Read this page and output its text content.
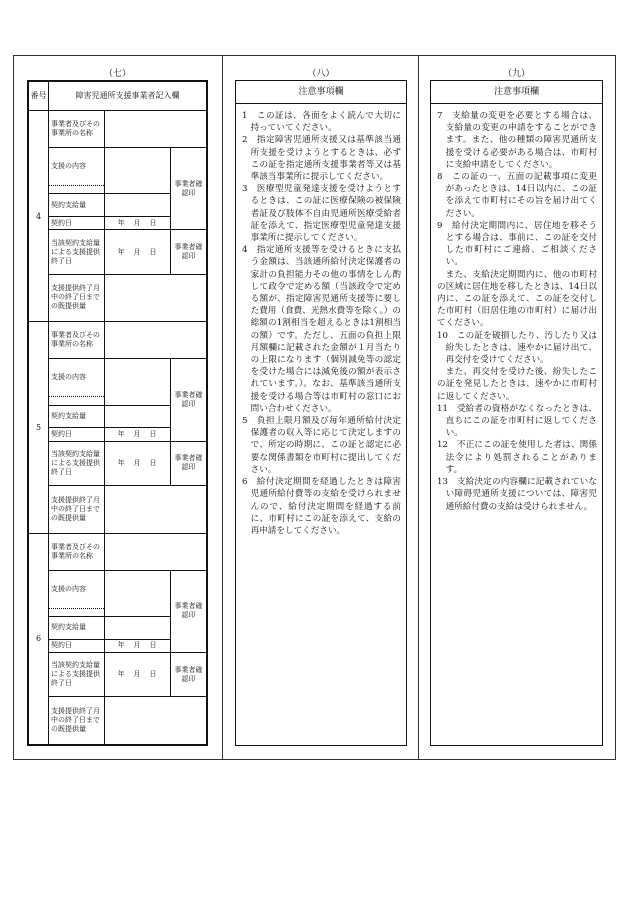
（七）
番号	障害児通所支援事業者記入欄		
4	事業者及びその事業所の名称		
	支援の内容		事業者確認印

	契約支給量		
	契約日	年　月　日	
	当該契約支給量による支援提供終了日	年　月　日	事業者確認印
	支援提供終了月中の終了日までの既提供量		
5	事業者及びその事業所の名称		
	支援の内容		事業者確認印

	契約支給量		
	契約日	年　月　日	
	当該契約支給量による支援提供終了日	年　月　日	事業者確認印
	支援提供終了月中の終了日までの既提供量		
6	事業者及びその事業所の名称		
	支援の内容		事業者確認印

	契約支給量		
	契約日	年　月　日	
	当該契約支給量による支援提供終了日	年　月　日	事業者確認印
	支援提供終了月中の終了日までの既提供量		
（八）
注意事項欄

1　この証は、各面をよく読んで大切に持っていてください。

2　指定障害児通所支援又は基準該当通所支援を受けようとするときは、必ずこの証を指定通所支援事業者等又は基準該当事業所に提示してください。

3　医療型児童発達支援を受けようとするときは、この証に医療保険の被保険者証及び肢体不自由児通所医療受給者証を添えて、指定医療型児童発達支援事業所に提示してください。

4　指定通所支援等を受けるときに支払う金額は、当該通所給付決定保護者の家計の負担能力その他の事情をしん酌して政令で定める額（当該政令で定める額が、指定障害児通所支援等に要した費用（食費、光熱水費等を除く。）の総額の1割相当を超えるときは1割相当の額）です。ただし、五面の負担上限月額欄に記載された金額が１月当たりの上限になります（個別減免等の認定を受けた場合には減免後の額が表示されています。）。なお、基準該当通所支援を受ける場合等は市町村の窓口にお問い合わせください。

5　負担上限月額及び毎年通所給付決定保護者の収入等に応じて決定しますので、所定の時期に、この証と認定に必要な関係書類を市町村に提出してください。

6　給付決定期間を経過したときは障害児通所給付費等の支給を受けられませんので、給付決定期間を経過する前に、市町村にこの証を添えて、支給の再申請をしてください。

（九）
注意事項欄

7　支給量の変更を必要とする場合は、支給量の変更の申請をすることができます。また、他の種類の障害児通所支援を受ける必要がある場合は、市町村に支給申請をしてください。

8　この証の一、五面の記載事項に変更があったときは、14日以内に、この証を添えて市町村にその旨を届け出てください。

9　給付決定期間内に、居住地を移そうとする場合は、事前に、この証を交付した市町村にご連絡、ご相談ください。

また、支給決定期間内に、他の市町村の区域に居住地を移したときは、14日以内に、この証を添えて、この証を交付した市町村（旧居住地の市町村）に届け出てください。

10　この証を破損したり、汚したり又は紛失したときは、速やかに届け出て、再交付を受けてください。

また、再交付を受けた後、紛失したこの証を発見したときは、速やかに市町村に返してください。

11　受給者の資格がなくなったときは、直ちにこの証を市町村に返してください。

12　不正にこの証を使用した者は、関係法令により処罰されることがあります。

13　支給決定の内容欄に記載されていない障碍児通所支援については、障害児通所給付費の支給は受けられません。
